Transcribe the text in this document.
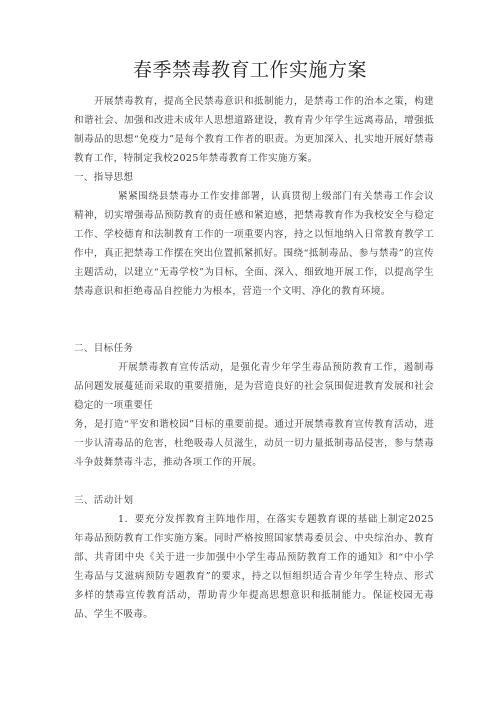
春季禁毒教育工作实施方案
开展禁毒教育，提高全民禁毒意识和抵制能力，是禁毒工作的治本之策，构建和谐社会、加强和改进未成年人思想道路建设，教育青少年学生远离毒品，增强抵制毒品的思想“免疫力”是每个教育工作者的职责。为更加深入、扎实地开展好禁毒教育工作，特制定我校2025年禁毒教育工作实施方案。
一、指导思想
紧紧围绕县禁毒办工作安排部署，认真贯彻上级部门有关禁毒工作会议精神，切实增强毒品预防教育的责任感和紧迫感，把禁毒教育作为我校安全与稳定工作、学校德育和法制教育工作的一项重要内容，持之以恒地纳入日常教育教学工作中，真正把禁毒工作摆在突出位置抓紧抓好。围绕“抵制毒品、参与禁毒”的宣传主题活动，以建立“无毒学校”为目标，全面、深入、细致地开展工作，以提高学生禁毒意识和拒绝毒品自控能力为根本，营造一个文明、净化的教育环境。
二、目标任务
开展禁毒教育宣传活动，是强化青少年学生毒品预防教育工作，遏制毒品问题发展蔓延而采取的重要措施，是为营造良好的社会氛围促进教育发展和社会稳定的一项重要任
务，是打造“平安和谐校园”目标的重要前提。通过开展禁毒教育宣传教育活动，进一步认清毒品的危害，杜绝吸毒人员滋生，动员一切力量抵制毒品侵害，参与禁毒斗争鼓舞禁毒斗志，推动各项工作的开展。
三、活动计划
1．要充分发挥教育主阵地作用，在落实专题教育课的基础上制定2025年毒品预防教育工作实施方案。同时严格按照国家禁毒委员会、中央综治办、教育部、共青团中央《关于进一步加强中小学生毒品预防教育工作的通知》和“中小学生毒品与艾滋病预防专题教育”的要求，持之以恒组织适合青少年学生特点、形式多样的禁毒宣传教育活动，帮助青少年提高思想意识和抵制能力。保证校园无毒品、学生不吸毒。
